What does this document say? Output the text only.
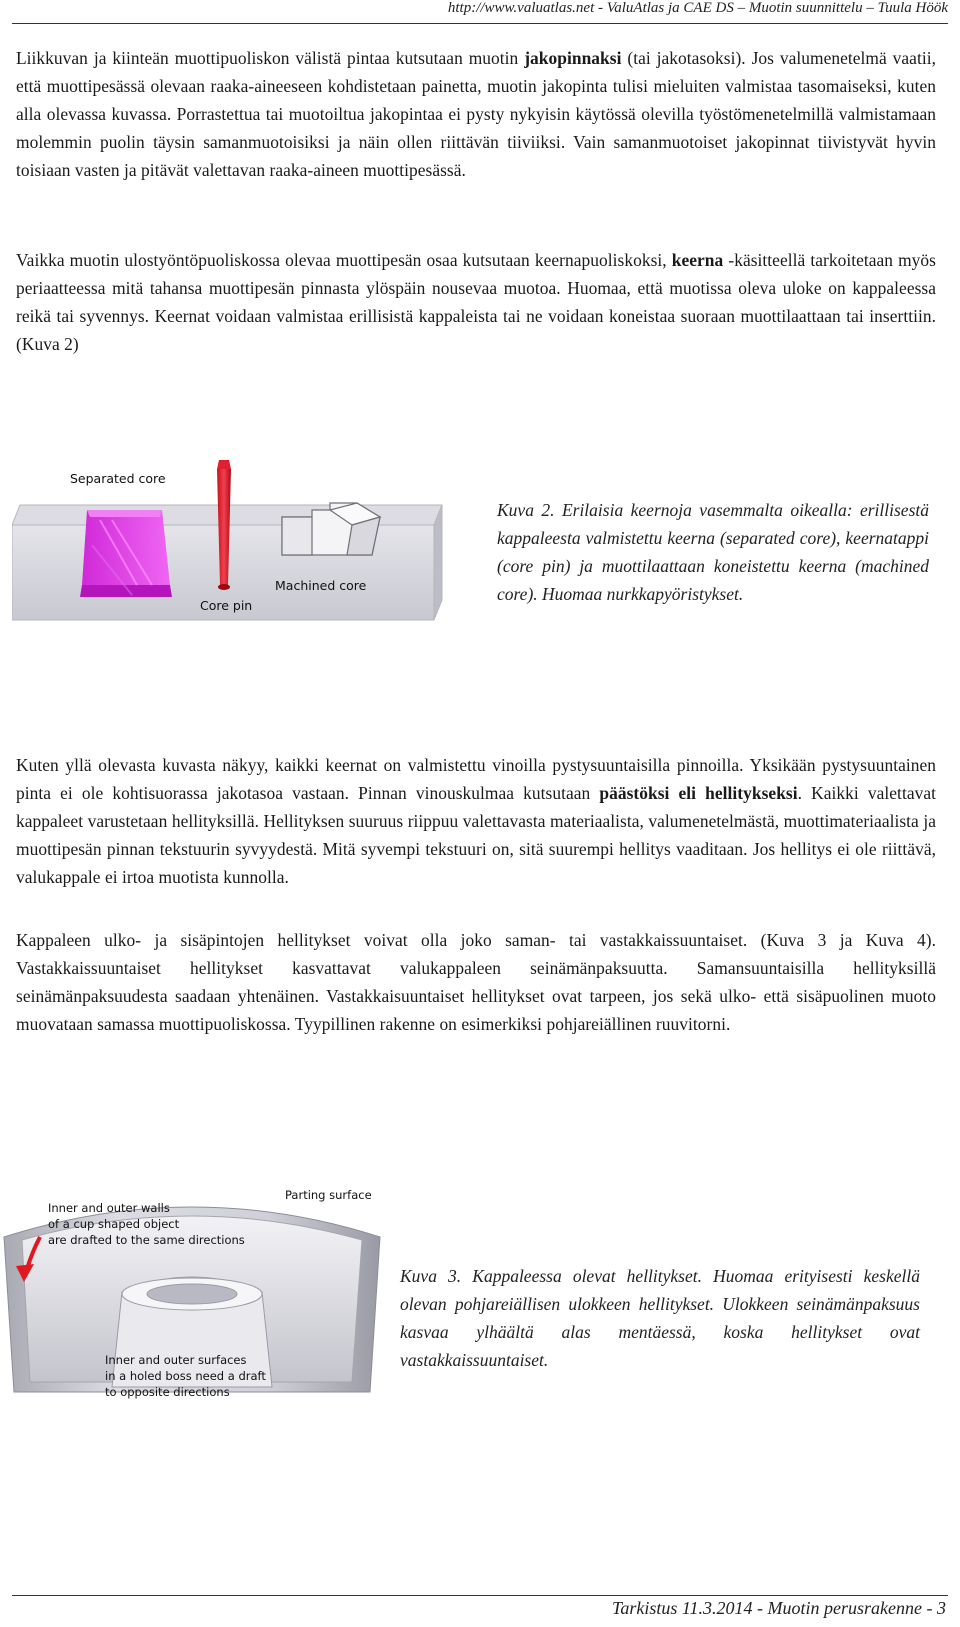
http://www.valuatlas.net - ValuAtlas ja CAE DS – Muotin suunnittelu – Tuula Höök

Liikkuvan ja kiinteän muottipuoliskon välistä pintaa kutsutaan muotin jakopinnaksi (tai jakotasoksi). Jos valumenetelmä vaatii, että muottipesässä olevaan raaka-aineeseen kohdistetaan painetta, muotin jakopinta tulisi mieluiten valmistaa tasomaiseksi, kuten alla olevassa kuvassa. Porrastettua tai muotoiltua jakopintaa ei pysty nykyisin käytössä olevilla työstömenetelmillä valmistamaan molemmin puolin täysin samanmuotoisiksi ja näin ollen riittävän tiiviiksi. Vain samanmuotoiset jakopinnat tiivistyvät hyvin toisiaan vasten ja pitävät valettavan raaka-aineen muottipesässä.

Vaikka muotin ulostyöntöpuoliskossa olevaa muottipesän osaa kutsutaan keernapuoliskoksi, keerna -käsitteellä tarkoitetaan myös periaatteessa mitä tahansa muottipesän pinnasta ylöspäin nousevaa muotoa. Huomaa, että muotissa oleva uloke on kappaleessa reikä tai syvennys. Keernat voidaan valmistaa erillisistä kappaleista tai ne voidaan koneistaa suoraan muottilaattaan tai inserttiin. (Kuva 2)

Separated core
Core pin
Machined core
Kuva 2. Erilaisia keernoja vasemmalta oikealla: erillisestä kappaleesta valmistettu keerna (separated core), keernatappi (core pin) ja muottilaattaan koneistettu keerna (machined core). Huomaa nurkkapyöristykset.

Kuten yllä olevasta kuvasta näkyy, kaikki keernat on valmistettu vinoilla pystysuuntaisilla pinnoilla. Yksikään pystysuuntainen pinta ei ole kohtisuorassa jakotasoa vastaan. Pinnan vinouskulmaa kutsutaan päästöksi eli hellitykseksi. Kaikki valettavat kappaleet varustetaan hellityksillä. Hellityksen suuruus riippuu valettavasta materiaalista, valumenetelmästä, muottimateriaalista ja muottipesän pinnan tekstuurin syvyydestä. Mitä syvempi tekstuuri on, sitä suurempi hellitys vaaditaan. Jos hellitys ei ole riittävä, valukappale ei irtoa muotista kunnolla.

Kappaleen ulko- ja sisäpintojen hellitykset voivat olla joko saman- tai vastakkaissuuntaiset. (Kuva 3 ja Kuva 4). Vastakkaissuuntaiset hellitykset kasvattavat valukappaleen seinämänpaksuutta. Samansuuntaisilla hellityksillä seinämänpaksuudesta saadaan yhtenäinen. Vastakkaisuuntaiset hellitykset ovat tarpeen, jos sekä ulko- että sisäpuolinen muoto muovataan samassa muottipuoliskossa. Tyypillinen rakenne on esimerkiksi pohjareiällinen ruuvitorni.

Parting surface
Inner and outer walls
of a cup shaped object
are drafted to the same directions
Inner and outer surfaces
in a holed boss need a draft
to opposite directions
Kuva 3. Kappaleessa olevat hellitykset. Huomaa erityisesti keskellä olevan pohjareiällisen ulokkeen hellitykset. Ulokkeen seinämänpaksuus kasvaa ylhäältä alas mentäessä, koska hellitykset ovat vastakkaissuuntaiset.
Tarkistus 11.3.2014 - Muotin perusrakenne - 3
